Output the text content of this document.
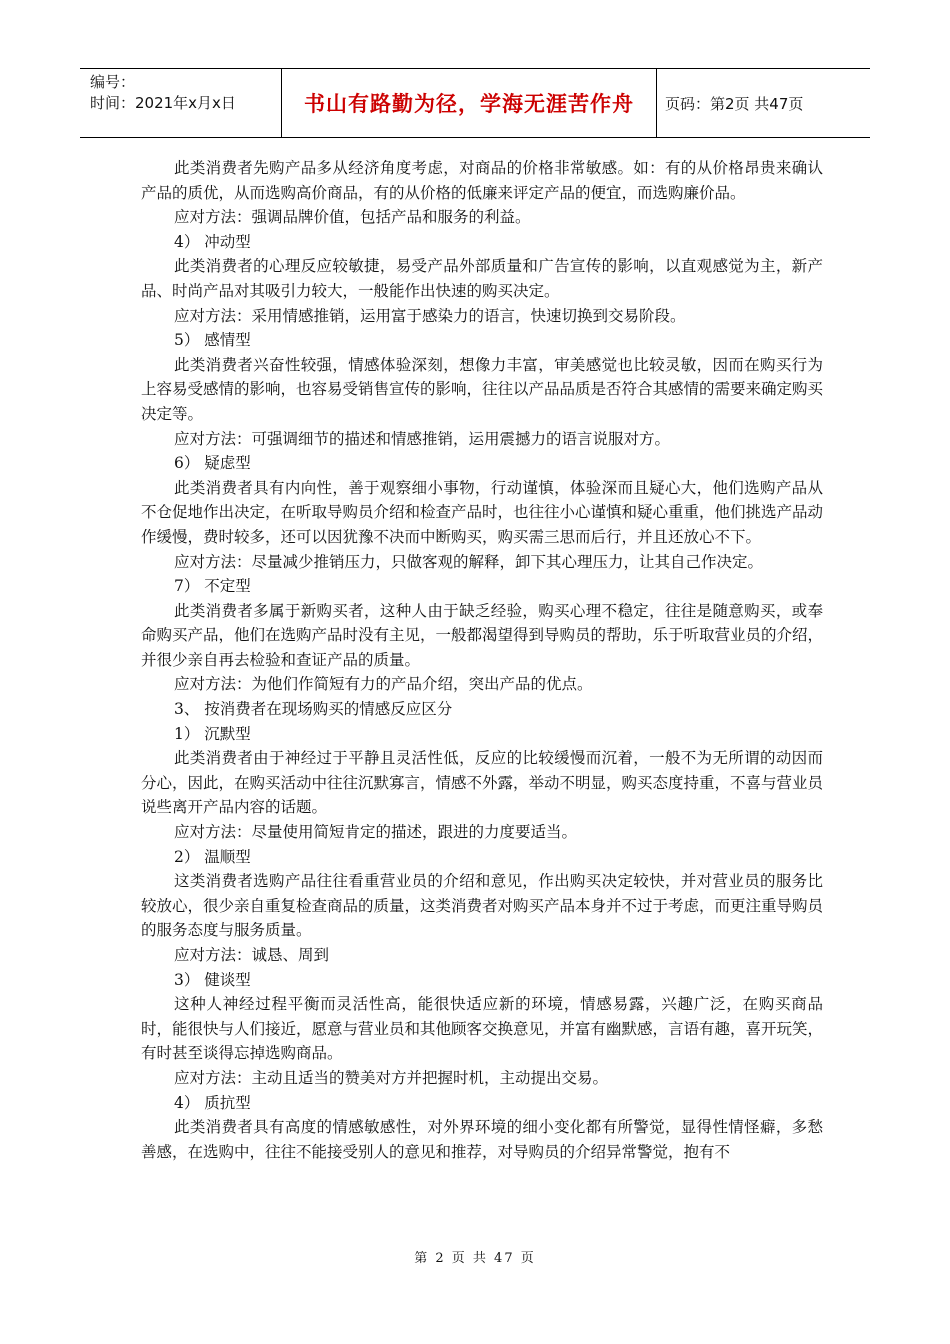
编号：
时间：2021年x月x日	书山有路勤为径，学海无涯苦作舟	页码：第2页 共47页

此类消费者先购产品多从经济角度考虑，对商品的价格非常敏感。如：有的从价格昂贵来确认产品的质优，从而选购高价商品，有的从价格的低廉来评定产品的便宜，而选购廉价品。

应对方法：强调品牌价值，包括产品和服务的利益。

4） 冲动型

此类消费者的心理反应较敏捷，易受产品外部质量和广告宣传的影响，以直观感觉为主，新产品、时尚产品对其吸引力较大，一般能作出快速的购买决定。

应对方法：采用情感推销，运用富于感染力的语言，快速切换到交易阶段。

5） 感情型

此类消费者兴奋性较强，情感体验深刻，想像力丰富，审美感觉也比较灵敏，因而在购买行为上容易受感情的影响，也容易受销售宣传的影响，往往以产品品质是否符合其感情的需要来确定购买决定等。

应对方法：可强调细节的描述和情感推销，运用震撼力的语言说服对方。

6） 疑虑型

此类消费者具有内向性，善于观察细小事物，行动谨慎，体验深而且疑心大，他们选购产品从不仓促地作出决定，在听取导购员介绍和检查产品时，也往往小心谨慎和疑心重重，他们挑选产品动作缓慢，费时较多，还可以因犹豫不决而中断购买，购买需三思而后行，并且还放心不下。

应对方法：尽量减少推销压力，只做客观的解释，卸下其心理压力，让其自己作决定。

7） 不定型

此类消费者多属于新购买者，这种人由于缺乏经验，购买心理不稳定，往往是随意购买，或奉命购买产品，他们在选购产品时没有主见，一般都渴望得到导购员的帮助，乐于听取营业员的介绍，并很少亲自再去检验和查证产品的质量。

应对方法：为他们作简短有力的产品介绍，突出产品的优点。

3、 按消费者在现场购买的情感反应区分

1） 沉默型

此类消费者由于神经过于平静且灵活性低，反应的比较缓慢而沉着，一般不为无所谓的动因而分心，因此，在购买活动中往往沉默寡言，情感不外露，举动不明显，购买态度持重，不喜与营业员说些离开产品内容的话题。

应对方法：尽量使用简短肯定的描述，跟进的力度要适当。

2） 温顺型

这类消费者选购产品往往看重营业员的介绍和意见，作出购买决定较快，并对营业员的服务比较放心，很少亲自重复检查商品的质量，这类消费者对购买产品本身并不过于考虑，而更注重导购员的服务态度与服务质量。

应对方法：诚恳、周到

3） 健谈型

这种人神经过程平衡而灵活性高，能很快适应新的环境，情感易露，兴趣广泛，在购买商品时，能很快与人们接近，愿意与营业员和其他顾客交换意见，并富有幽默感，言语有趣，喜开玩笑，有时甚至谈得忘掉选购商品。

应对方法：主动且适当的赞美对方并把握时机，主动提出交易。

4） 质抗型

此类消费者具有高度的情感敏感性，对外界环境的细小变化都有所警觉，显得性情怪癖，多愁善感，在选购中，往往不能接受别人的意见和推荐，对导购员的介绍异常警觉，抱有不

第 2 页 共 47 页
